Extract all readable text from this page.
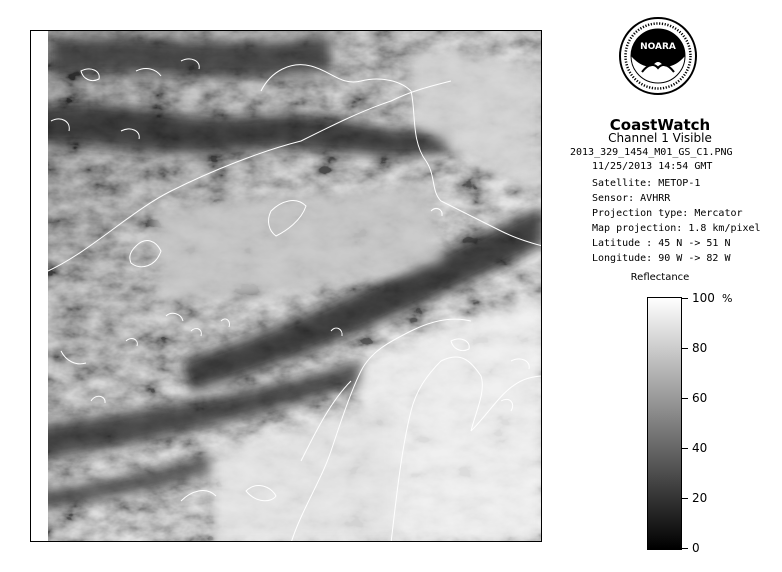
NOARA
CoastWatch
Channel 1 Visible
2013_329_1454_M01_GS_C1.PNG
11/25/2013 14:54 GMT
Satellite: METOP-1
Sensor: AVHRR
Projection type: Mercator
Map projection: 1.8 km/pixel
Latitude : 45 N -> 51 N
Longitude: 90 W -> 82 W
Reflectance
%
100
80
60
40
20
0
